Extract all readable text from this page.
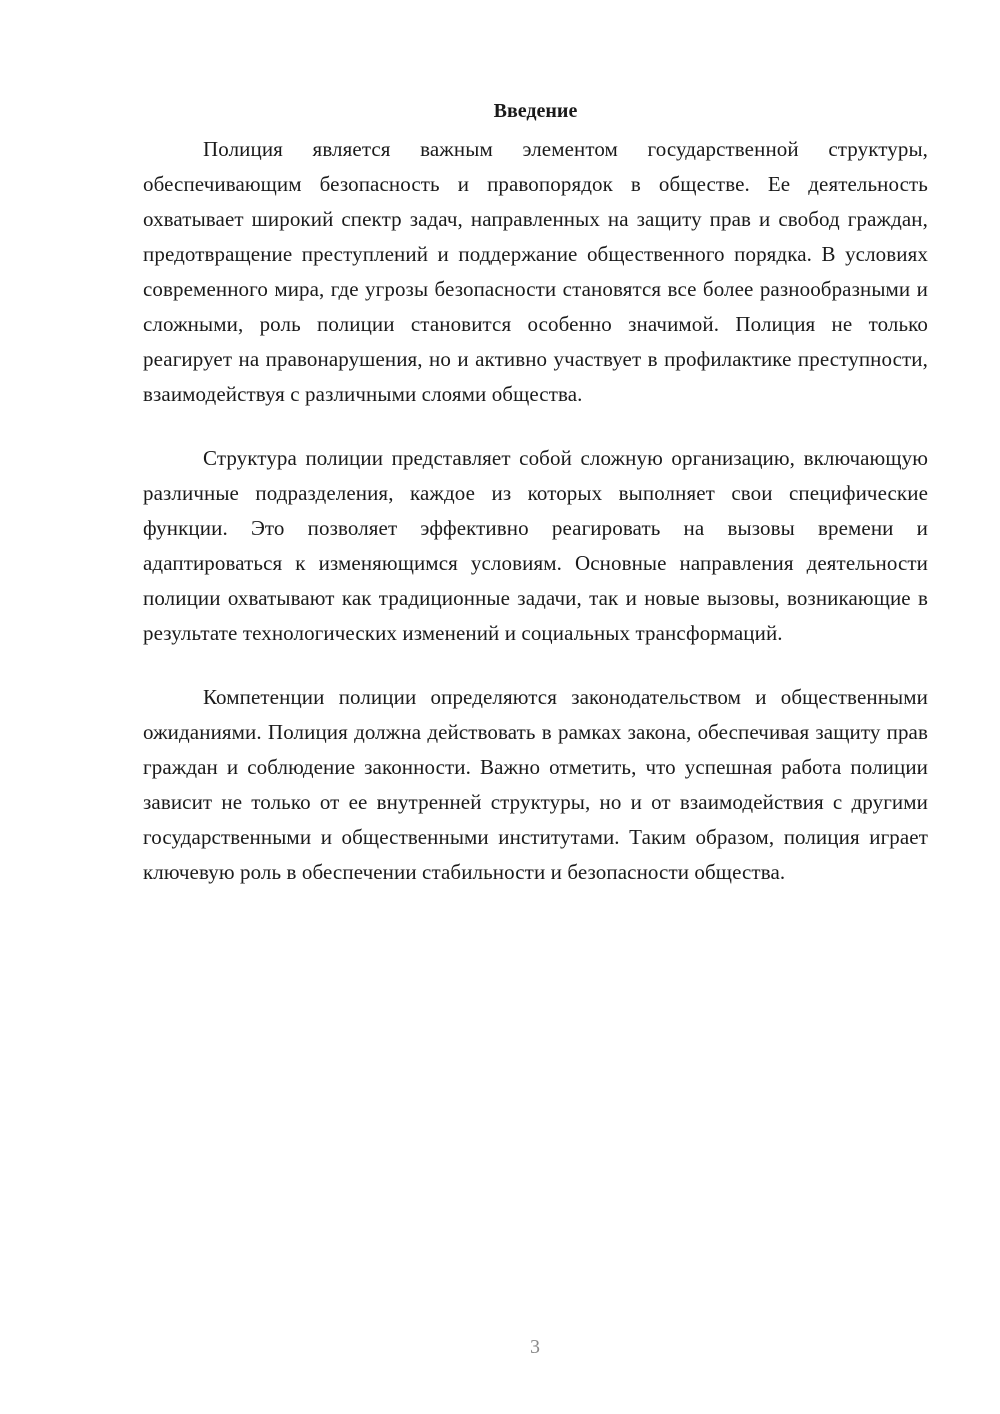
Введение

Полиция является важным элементом государственной структуры, обеспечивающим безопасность и правопорядок в обществе. Ее деятельность охватывает широкий спектр задач, направленных на защиту прав и свобод граждан, предотвращение преступлений и поддержание общественного порядка. В условиях современного мира, где угрозы безопасности становятся все более разнообразными и сложными, роль полиции становится особенно значимой. Полиция не только реагирует на правонарушения, но и активно участвует в профилактике преступности, взаимодействуя с различными слоями общества.

Структура полиции представляет собой сложную организацию, включающую различные подразделения, каждое из которых выполняет свои специфические функции. Это позволяет эффективно реагировать на вызовы времени и адаптироваться к изменяющимся условиям. Основные направления деятельности полиции охватывают как традиционные задачи, так и новые вызовы, возникающие в результате технологических изменений и социальных трансформаций.

Компетенции полиции определяются законодательством и общественными ожиданиями. Полиция должна действовать в рамках закона, обеспечивая защиту прав граждан и соблюдение законности. Важно отметить, что успешная работа полиции зависит не только от ее внутренней структуры, но и от взаимодействия с другими государственными и общественными институтами. Таким образом, полиция играет ключевую роль в обеспечении стабильности и безопасности общества.

3
